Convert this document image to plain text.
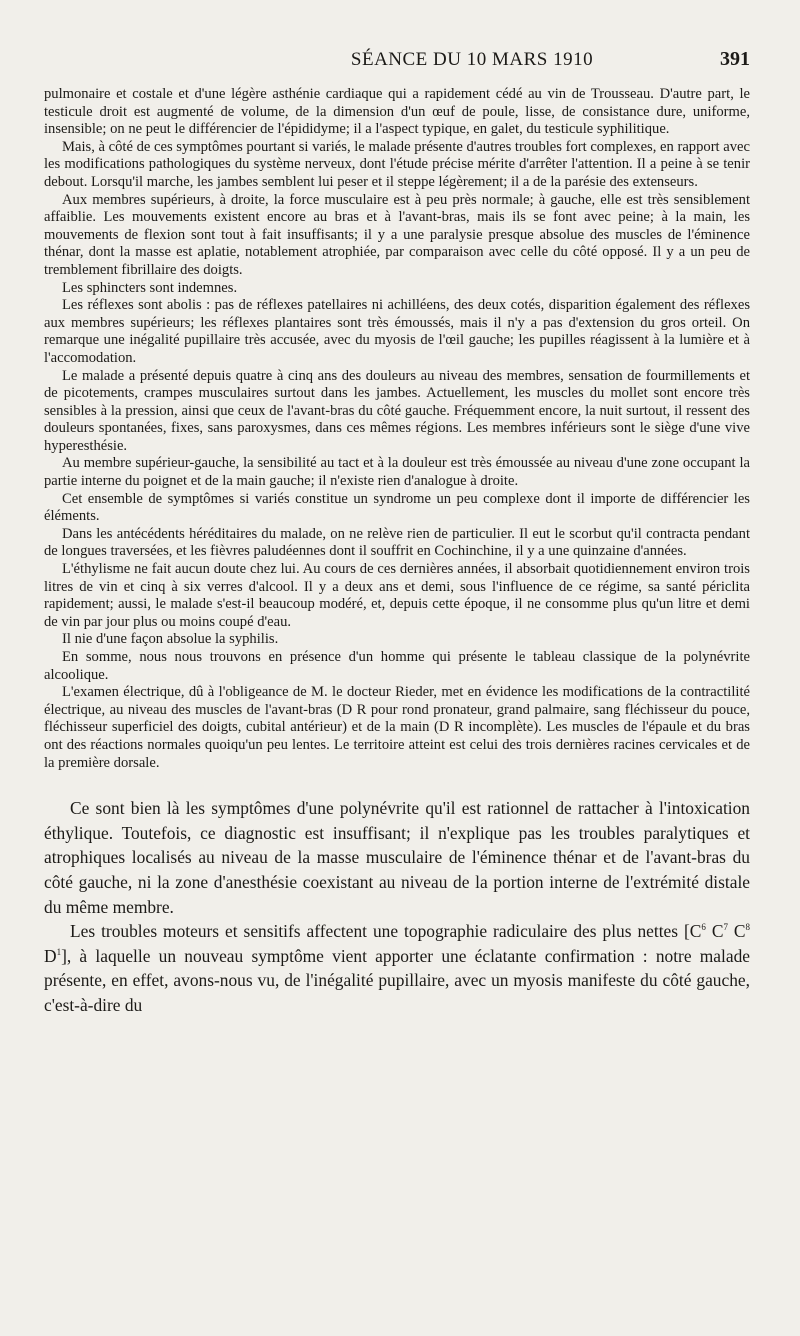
SÉANCE DU 10 MARS 1910	391

pulmonaire et costale et d'une légère asthénie cardiaque qui a rapidement cédé au vin de Trousseau. D'autre part, le testicule droit est augmenté de volume, de la dimension d'un œuf de poule, lisse, de consistance dure, uniforme, insensible; on ne peut le différencier de l'épididyme; il a l'aspect typique, en galet, du testicule syphilitique.

Mais, à côté de ces symptômes pourtant si variés, le malade présente d'autres troubles fort complexes, en rapport avec les modifications pathologiques du système nerveux, dont l'étude précise mérite d'arrêter l'attention. Il a peine à se tenir debout. Lorsqu'il marche, les jambes semblent lui peser et il steppe légèrement; il a de la parésie des extenseurs.

Aux membres supérieurs, à droite, la force musculaire est à peu près normale; à gauche, elle est très sensiblement affaiblie. Les mouvements existent encore au bras et à l'avant-bras, mais ils se font avec peine; à la main, les mouvements de flexion sont tout à fait insuffisants; il y a une paralysie presque absolue des muscles de l'éminence thénar, dont la masse est aplatie, notablement atrophiée, par comparaison avec celle du côté opposé. Il y a un peu de tremblement fibrillaire des doigts.

Les sphincters sont indemnes.

Les réflexes sont abolis : pas de réflexes patellaires ni achilléens, des deux cotés, disparition également des réflexes aux membres supérieurs; les réflexes plantaires sont très émoussés, mais il n'y a pas d'extension du gros orteil. On remarque une inégalité pupillaire très accusée, avec du myosis de l'œil gauche; les pupilles réagissent à la lumière et à l'accomodation.

Le malade a présenté depuis quatre à cinq ans des douleurs au niveau des membres, sensation de fourmillements et de picotements, crampes musculaires surtout dans les jambes. Actuellement, les muscles du mollet sont encore très sensibles à la pression, ainsi que ceux de l'avant-bras du côté gauche. Fréquemment encore, la nuit surtout, il ressent des douleurs spontanées, fixes, sans paroxysmes, dans ces mêmes régions. Les membres inférieurs sont le siège d'une vive hyperesthésie.

Au membre supérieur-gauche, la sensibilité au tact et à la douleur est très émoussée au niveau d'une zone occupant la partie interne du poignet et de la main gauche; il n'existe rien d'analogue à droite.

Cet ensemble de symptômes si variés constitue un syndrome un peu complexe dont il importe de différencier les éléments.

Dans les antécédents héréditaires du malade, on ne relève rien de particulier. Il eut le scorbut qu'il contracta pendant de longues traversées, et les fièvres paludéennes dont il souffrit en Cochinchine, il y a une quinzaine d'années.

L'éthylisme ne fait aucun doute chez lui. Au cours de ces dernières années, il absorbait quotidiennement environ trois litres de vin et cinq à six verres d'alcool. Il y a deux ans et demi, sous l'influence de ce régime, sa santé périclita rapidement; aussi, le malade s'est-il beaucoup modéré, et, depuis cette époque, il ne consomme plus qu'un litre et demi de vin par jour plus ou moins coupé d'eau.

Il nie d'une façon absolue la syphilis.

En somme, nous nous trouvons en présence d'un homme qui présente le tableau classique de la polynévrite alcoolique.

L'examen électrique, dû à l'obligeance de M. le docteur Rieder, met en évidence les modifications de la contractilité électrique, au niveau des muscles de l'avant-bras (D R pour rond pronateur, grand palmaire, sang fléchisseur du pouce, fléchisseur superficiel des doigts, cubital antérieur) et de la main (D R incomplète). Les muscles de l'épaule et du bras ont des réactions normales quoiqu'un peu lentes. Le territoire atteint est celui des trois dernières racines cervicales et de la première dorsale.

Ce sont bien là les symptômes d'une polynévrite qu'il est rationnel de rattacher à l'intoxication éthylique. Toutefois, ce diagnostic est insuffisant; il n'explique pas les troubles paralytiques et atrophiques localisés au niveau de la masse musculaire de l'éminence thénar et de l'avant-bras du côté gauche, ni la zone d'anesthésie coexistant au niveau de la portion interne de l'extrémité distale du même membre.

Les troubles moteurs et sensitifs affectent une topographie radiculaire des plus nettes [$C^6$ $C^7$ $C^8$ $D^1$], à laquelle un nouveau symptôme vient apporter une éclatante confirmation : notre malade présente, en effet, avons-nous vu, de l'inégalité pupillaire, avec un myosis manifeste du côté gauche, c'est-à-dire du
